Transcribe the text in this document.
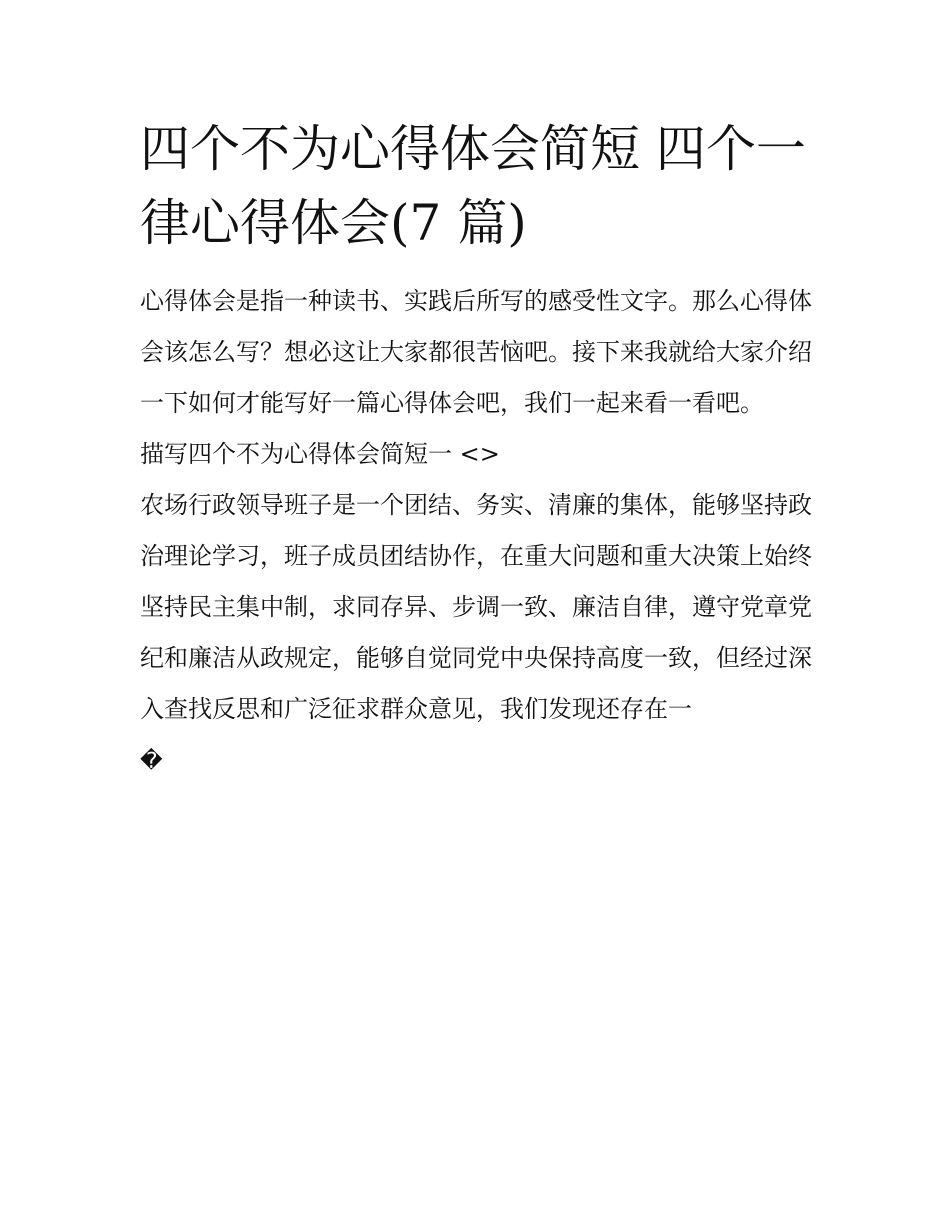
四个不为心得体会简短 四个一律心得体会(7 篇)

心得体会是指一种读书、实践后所写的感受性文字。那么心得体会该怎么写？想必这让大家都很苦恼吧。接下来我就给大家介绍一下如何才能写好一篇心得体会吧，我们一起来看一看吧。

描写四个不为心得体会简短一 <>

农场行政领导班子是一个团结、务实、清廉的集体，能够坚持政治理论学习，班子成员团结协作，在重大问题和重大决策上始终坚持民主集中制，求同存异、步调一致、廉洁自律，遵守党章党纪和廉洁从政规定，能够自觉同党中央保持高度一致，但经过深入查找反思和广泛征求群众意见，我们发现还存在一
�
